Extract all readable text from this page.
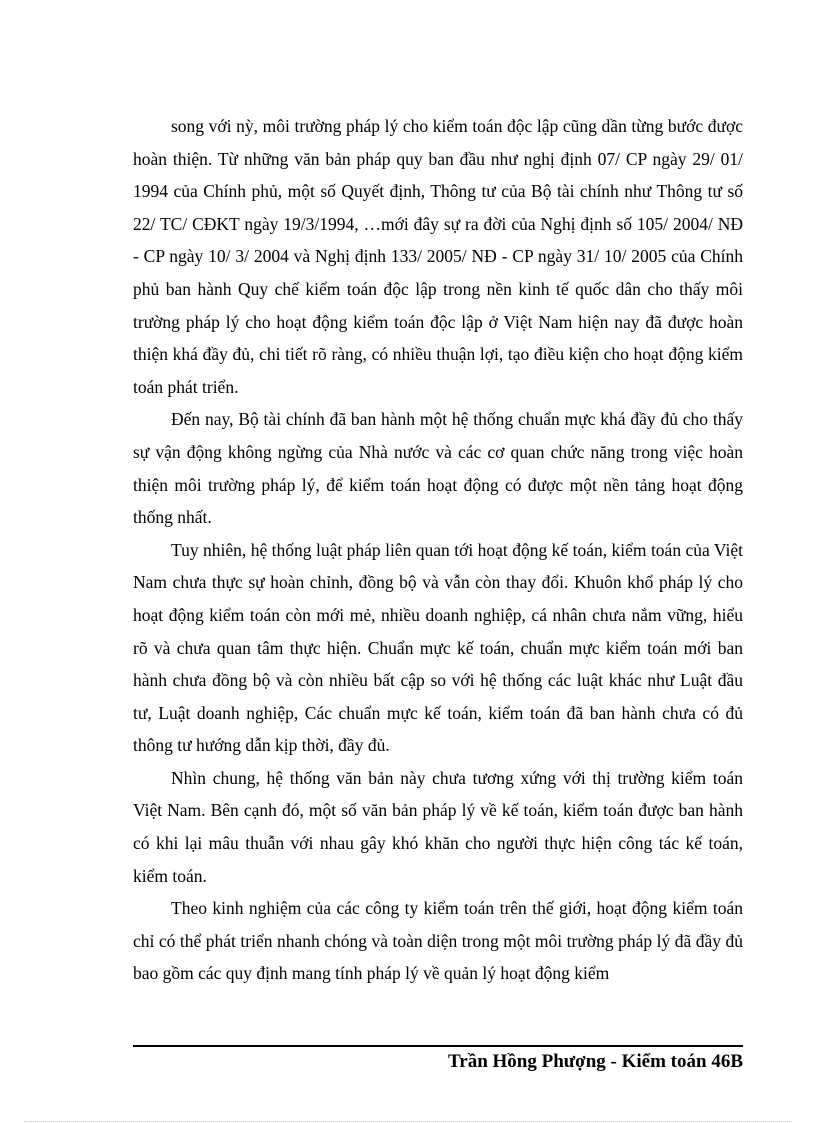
song với nỳ, môi trường pháp lý cho kiểm toán độc lập cũng dần từng bước được hoàn thiện. Từ những văn bản pháp quy ban đầu như nghị định 07/ CP ngày 29/ 01/ 1994 của Chính phủ, một số Quyết định, Thông tư của Bộ tài chính như Thông tư số 22/ TC/ CĐKT ngày 19/3/1994, …mới đây sự ra đời của Nghị định số 105/ 2004/ NĐ - CP ngày 10/ 3/ 2004 và Nghị định 133/ 2005/ NĐ - CP ngày 31/ 10/ 2005 của Chính phủ ban hành Quy chế kiểm toán độc lập trong nền kinh tế quốc dân cho thấy môi trường pháp lý cho hoạt động kiểm toán độc lập ở Việt Nam hiện nay đã được hoàn thiện khá đầy đủ, chi tiết rõ ràng, có nhiều thuận lợi, tạo điều kiện cho hoạt động kiểm toán phát triển.

Đến nay, Bộ tài chính đã ban hành một hệ thống chuẩn mực khá đầy đủ cho thấy sự vận động không ngừng của Nhà nước và các cơ quan chức năng trong việc hoàn thiện môi trường pháp lý, để kiểm toán hoạt động có được một nền tảng hoạt động thống nhất.

Tuy nhiên, hệ thống luật pháp liên quan tới hoạt động kế toán, kiểm toán của Việt Nam chưa thực sự hoàn chỉnh, đồng bộ và vẫn còn thay đổi. Khuôn khổ pháp lý cho hoạt động kiểm toán còn mới mẻ, nhiều doanh nghiệp, cá nhân chưa nắm vững, hiểu rõ và chưa quan tâm thực hiện. Chuẩn mực kế toán, chuẩn mực kiểm toán mới ban hành chưa đồng bộ và còn nhiều bất cập so với hệ thống các luật khác như Luật đầu tư, Luật doanh nghiệp, Các chuẩn mực kế toán, kiểm toán đã ban hành chưa có đủ thông tư hướng dẫn kịp thời, đầy đủ.

Nhìn chung, hệ thống văn bản này chưa tương xứng với thị trường kiểm toán Việt Nam. Bên cạnh đó, một số văn bản pháp lý về kế toán, kiểm toán được ban hành có khi lại mâu thuẫn với nhau gây khó khăn cho người thực hiện công tác kế toán, kiểm toán.

Theo kinh nghiệm của các công ty kiểm toán trên thế giới, hoạt động kiểm toán chỉ có thể phát triển nhanh chóng và toàn diện trong một môi trường pháp lý đã đầy đủ bao gồm các quy định mang tính pháp lý về quản lý hoạt động kiểm

Trần Hồng Phượng - Kiểm toán 46B
